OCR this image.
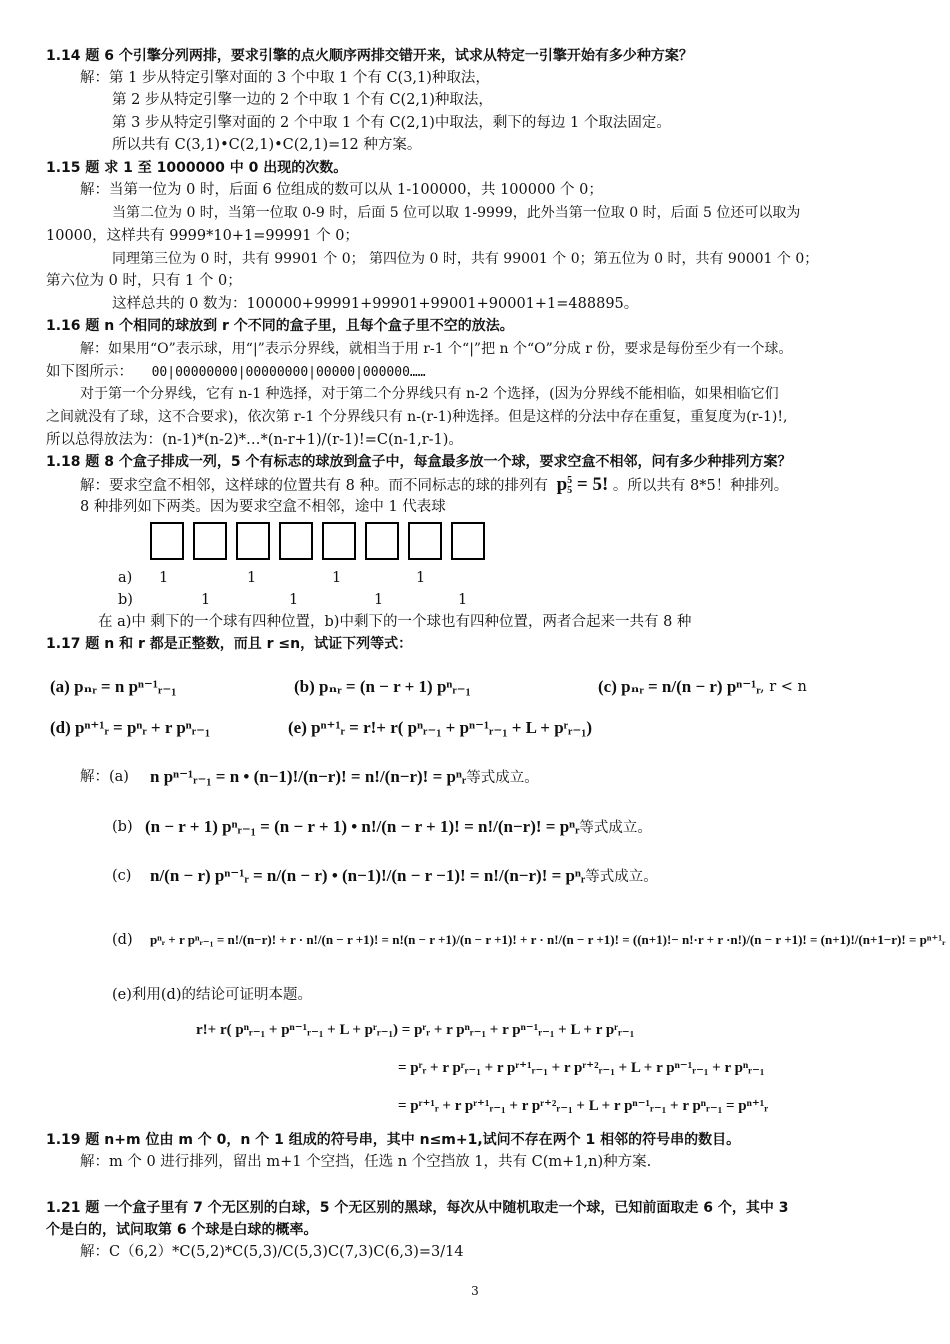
1.14 题 6 个引擎分列两排，要求引擎的点火顺序两排交错开来，试求从特定一引擎开始有多少种方案？
解：第 1 步从特定引擎对面的 3 个中取 1 个有 C(3,1)种取法，
第 2 步从特定引擎一边的 2 个中取 1 个有 C(2,1)种取法，
第 3 步从特定引擎对面的 2 个中取 1 个有 C(2,1)中取法，剩下的每边 1 个取法固定。
所以共有 C(3,1)•C(2,1)•C(2,1)=12 种方案。
1.15 题 求 1 至 1000000 中 0 出现的次数。
解：当第一位为 0 时，后面 6 位组成的数可以从 1-100000，共 100000 个 0；
当第二位为 0 时，当第一位取 0-9 时，后面 5 位可以取 1-9999，此外当第一位取 0 时，后面 5 位还可以取为
10000，这样共有 9999*10+1=99991 个 0；
同理第三位为 0 时，共有 99901 个 0； 第四位为 0 时，共有 99001 个 0；第五位为 0 时，共有 90001 个 0；
第六位为 0 时，只有 1 个 0；
这样总共的 0 数为：100000+99991+99901+99001+90001+1=488895。
1.16 题 n 个相同的球放到 r 个不同的盒子里，且每个盒子里不空的放法。
解：如果用“O”表示球，用“|”表示分界线，就相当于用 r-1 个“|”把 n 个“O”分成 r 份，要求是每份至少有一个球。
如下图所示： 00|00000000|00000000|00000|000000……
对于第一个分界线，它有 n-1 种选择，对于第二个分界线只有 n-2 个选择，(因为分界线不能相临，如果相临它们
之间就没有了球，这不合要求)，依次第 r-1 个分界线只有 n-(r-1)种选择。但是这样的分法中存在重复，重复度为(r-1)!,
所以总得放法为：(n-1)*(n-2)*…*(n-r+1)/(r-1)!=C(n-1,r-1)。
1.18 题 8 个盒子排成一列，5 个有标志的球放到盒子中，每盒最多放一个球，要求空盒不相邻，问有多少种排列方案？
解：要求空盒不相邻，这样球的位置共有 8 种。而不同标志的球的排列有 p 5
5 = 5! 。所以共有 8*5！种排列。
8 种排列如下两类。因为要求空盒不相邻，途中 1 代表球
a) 1	1	1	1
b)	1	1	1	1
在 a)中 剩下的一个球有四种位置，b)中剩下的一个球也有四种位置，两者合起来一共有 8 种
1.17 题 n 和 r 都是正整数，而且 r ≤n，试证下列等式：
(a) pₙᵣ = n pⁿ⁻¹ᵣ₋₁	(b) pₙᵣ = (n − r + 1) pⁿᵣ₋₁	(c) pₙᵣ = n/(n − r) pⁿ⁻¹ᵣ , r < n
(d) pⁿ⁺¹ᵣ = pⁿᵣ + r pⁿᵣ₋₁	(e) pⁿ⁺¹ᵣ = r!+ r( pⁿᵣ₋₁ + pⁿ⁻¹ᵣ₋₁ + L + pʳᵣ₋₁)
解：(a) n pⁿ⁻¹ᵣ₋₁ = n • (n−1)!/(n−r)! = n!/(n−r)! = pⁿᵣ等式成立。
(b) (n − r + 1) pⁿᵣ₋₁ = (n − r + 1) • n!/(n − r + 1)! = n!/(n−r)! = pⁿᵣ等式成立。
(c) n/(n − r) pⁿ⁻¹ᵣ = n/(n − r) • (n−1)!/(n − r −1)! = n!/(n−r)! = pⁿᵣ等式成立。
(d) pⁿᵣ + r pⁿᵣ₋₁ = n!/(n−r)! + r · n!/(n − r +1)! = n!(n − r +1)/(n − r +1)! + r · n!/(n − r +1)! = ((n+1)!− n!·r + r ·n!)/(n − r +1)! = (n+1)!/(n+1−r)! = pⁿ⁺¹ᵣ
(e)利用(d)的结论可证明本题。
r!+ r( pⁿᵣ₋₁ + pⁿ⁻¹ᵣ₋₁ + L + pʳᵣ₋₁) = pʳᵣ + r pⁿᵣ₋₁ + r pⁿ⁻¹ᵣ₋₁ + L + r pʳᵣ₋₁
= pʳᵣ + r pʳᵣ₋₁ + r pʳ⁺¹ᵣ₋₁ + r pʳ⁺²ᵣ₋₁ + L + r pⁿ⁻¹ᵣ₋₁ + r pⁿᵣ₋₁
= pʳ⁺¹ᵣ + r pʳ⁺¹ᵣ₋₁ + r pʳ⁺²ᵣ₋₁ + L + r pⁿ⁻¹ᵣ₋₁ + r pⁿᵣ₋₁ = pⁿ⁺¹ᵣ
1.19 题 n+m 位由 m 个 0，n 个 1 组成的符号串，其中 n≤m+1,试问不存在两个 1 相邻的符号串的数目。
解：m 个 0 进行排列，留出 m+1 个空挡，任选 n 个空挡放 1，共有 C(m+1,n)种方案.
1.21 题 一个盒子里有 7 个无区别的白球，5 个无区别的黑球，每次从中随机取走一个球，已知前面取走 6 个，其中 3
个是白的，试问取第 6 个球是白球的概率。
解：C（6,2）*C(5,2)*C(5,3)/C(5,3)C(7,3)C(6,3)=3/14
3
